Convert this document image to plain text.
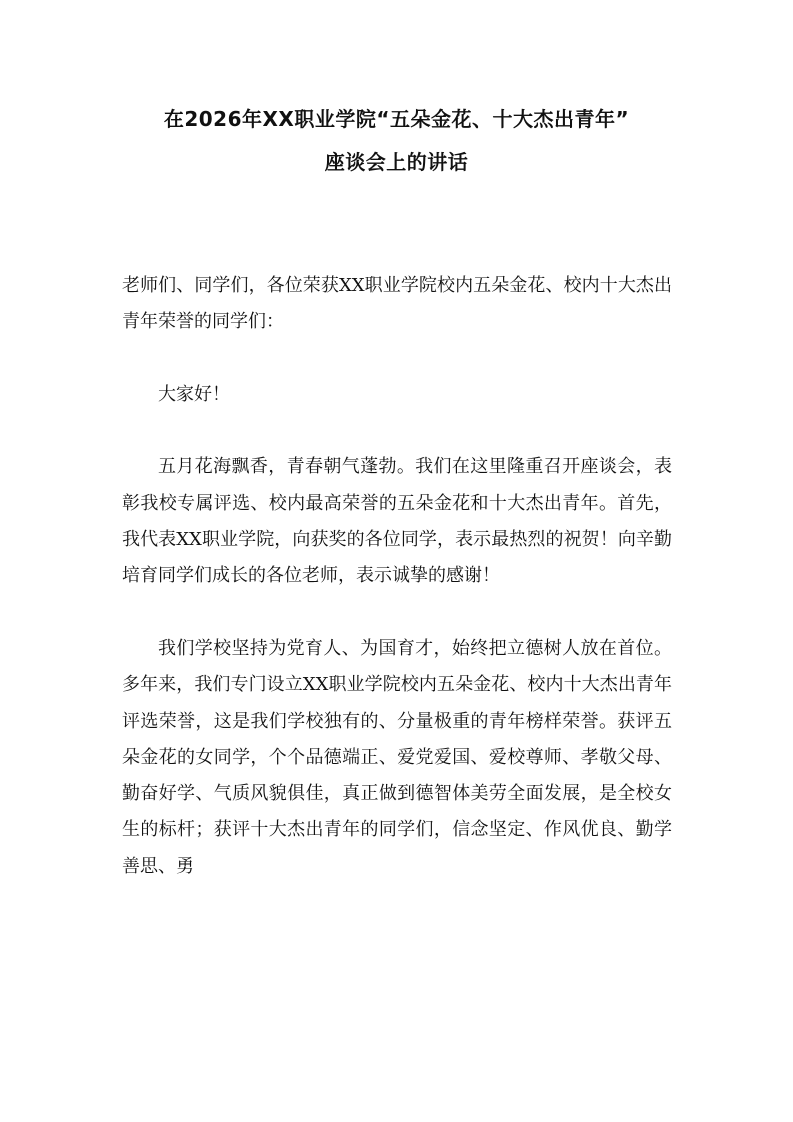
在2026年XX职业学院“五朵金花、十大杰出青年”
座谈会上的讲话

老师们、同学们，各位荣获XX职业学院校内五朵金花、校内十大杰出青年荣誉的同学们：

大家好！

五月花海飘香，青春朝气蓬勃。我们在这里隆重召开座谈会，表彰我校专属评选、校内最高荣誉的五朵金花和十大杰出青年。首先，我代表XX职业学院，向获奖的各位同学，表示最热烈的祝贺！向辛勤培育同学们成长的各位老师，表示诚挚的感谢！

我们学校坚持为党育人、为国育才，始终把立德树人放在首位。多年来，我们专门设立XX职业学院校内五朵金花、校内十大杰出青年评选荣誉，这是我们学校独有的、分量极重的青年榜样荣誉。获评五朵金花的女同学，个个品德端正、爱党爱国、爱校尊师、孝敬父母、勤奋好学、气质风貌俱佳，真正做到德智体美劳全面发展，是全校女生的标杆；获评十大杰出青年的同学们，信念坚定、作风优良、勤学善思、勇
